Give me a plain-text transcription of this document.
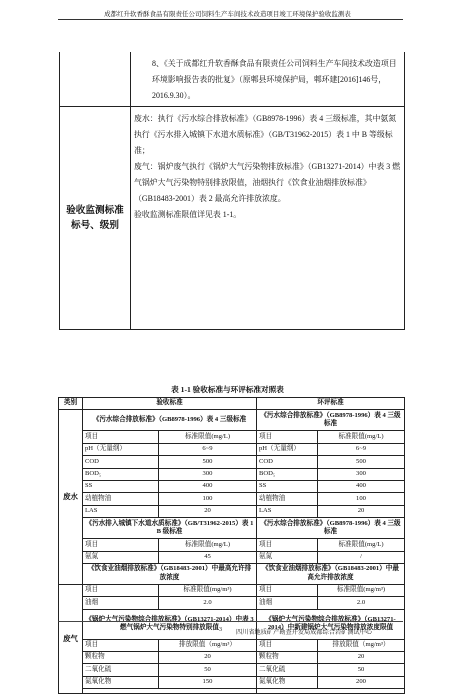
成都红升软香酥食品有限责任公司饲料生产车间技术改造项目竣工环境保护验收监测表

	8、《关于成都红升软香酥食品有限责任公司饲料生产车间技术改造项目环境影响报告表的批复》（原郫县环境保护局，郫环建[2016]146号，2016.9.30）。

验收监测标准标号、级别	废水：执行《污水综合排放标准》（GB8978-1996）表 4 三级标准，其中氨氮执行《污水排入城镇下水道水质标准》（GB/T31962-2015）表 1 中 B 等级标准；

废气：锅炉废气执行《锅炉大气污染物排放标准》（GB13271-2014）中表 3 燃气锅炉大气污染物特别排放限值，油烟执行《饮食业油烟排放标准》（GB18483-2001）表 2 最高允许排放浓度。

验收监测标准限值详见表 1-1。

表 1-1 验收标准与环评标准对照表
类别	验收标准		环评标准	
废水	《污水综合排放标准》（GB8978-1996）表 4 三级标准		《污水综合排放标准》（GB8978-1996）表 4 三级标准	
	项目	标准限值(mg/L)	项目	标准限值(mg/L)
	pH（无量纲）	6~9	pH（无量纲）	6~9
	COD	500	COD	500
	BOD₅	300	BOD₅	300
	SS	400	SS	400
	动植物油	100	动植物油	100
	LAS	20	LAS	20
	《污水排入城镇下水道水质标准》（GB/T31962-2015）表 1 B 级标准		《污水综合排放标准》（GB8978-1996）表 4 三级标准	
	项目	标准限值(mg/L)	项目	标准限值(mg/L)
	氨氮	45	氨氮	/
	《饮食业油烟排放标准》（GB18483-2001）中最高允许排放浓度		《饮食业油烟排放标准》（GB18483-2001）中最高允许排放浓度	
废气	项目	标准限值(mg/m³)	项目	标准限值(mg/m³)
	油烟	2.0	油烟	2.0
	《锅炉大气污染物综合排放标准》（GB13271-2014）中表 3 燃气锅炉大气污染物特别排放限值		《锅炉大气污染物综合排放标准》（GB13271-2014）中新建锅炉大气污染物排放浓度限值	
	项目	排放限值（mg/m³）	项目	排放限值（mg/m³）
	颗粒物	20	颗粒物	20
	二氧化硫	50	二氧化硫	50
	氮氧化物	150	氮氧化物	200

3 四川省地质矿产勘查开发局成都综合岩矿测试中心
